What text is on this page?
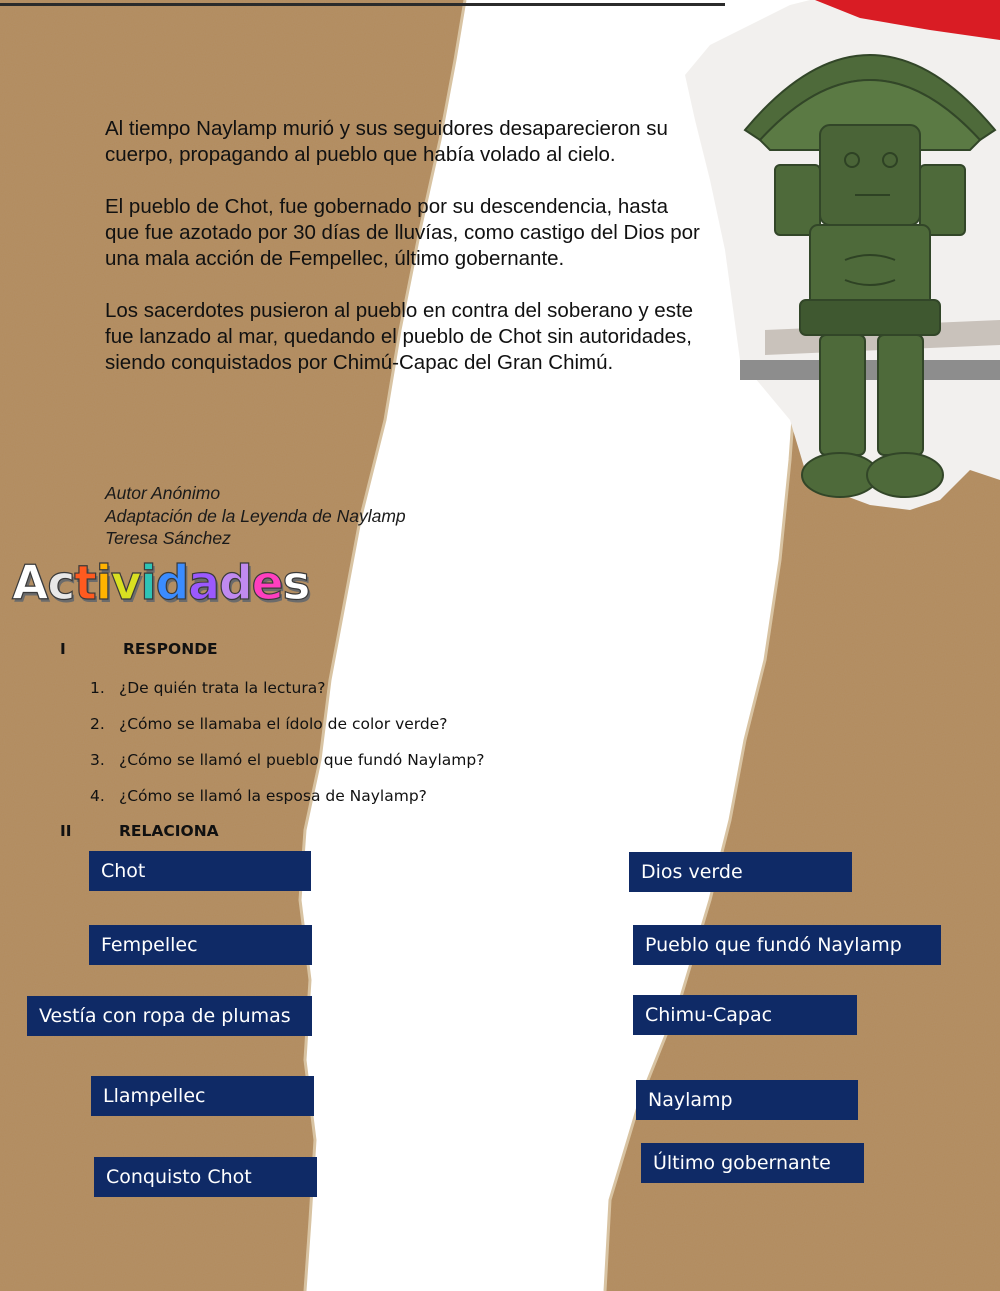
Al tiempo Naylamp murió y sus seguidores desaparecieron su cuerpo, propagando al pueblo que había volado al cielo.

El pueblo de Chot, fue gobernado por su descendencia, hasta que fue azotado por 30 días de lluvías, como castigo del Dios por una mala acción de Fempellec, último gobernante.

Los sacerdotes pusieron al pueblo en contra del soberano y este fue lanzado al mar, quedando el pueblo de Chot sin autoridades, siendo conquistados por Chimú-Capac del Gran Chimú.

Autor Anónimo
Adaptación de la Leyenda de Naylamp
Teresa Sánchez
Actividades
I	RESPONDE
1. ¿De quién trata la lectura?
2. ¿Cómo se llamaba el ídolo de color verde?
3. ¿Cómo se llamó el pueblo que fundó Naylamp?
4. ¿Cómo se llamó la esposa de Naylamp?
II	RELACIONA
Chot
Fempellec
Vestía con ropa de plumas
Llampellec
Conquisto Chot
Dios verde
Pueblo que fundó Naylamp
Chimu-Capac
Naylamp
Último gobernante
